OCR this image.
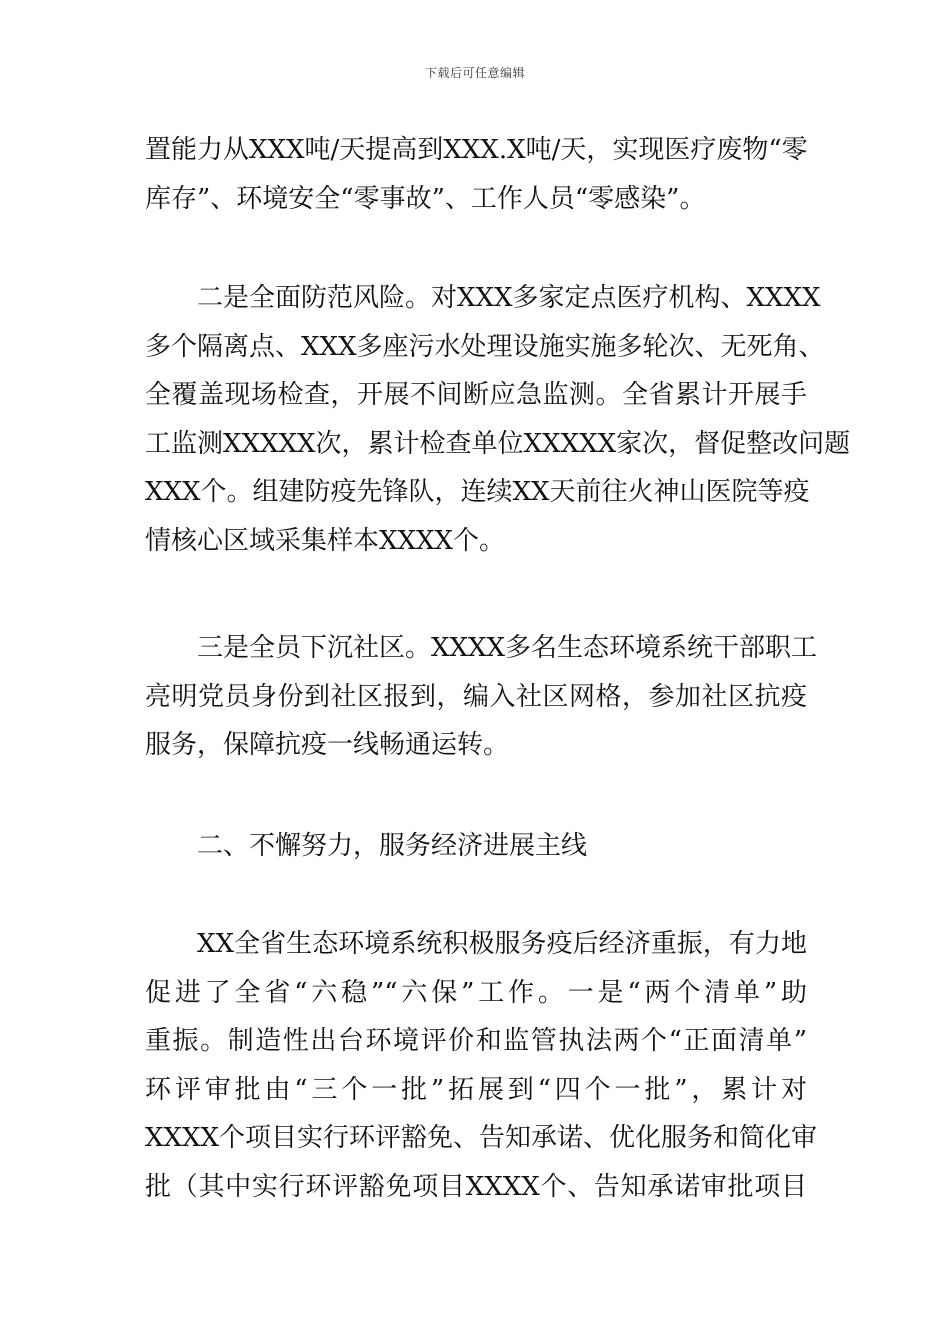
下载后可任意编辑
置能力从XXX吨/天提高到XXX.X吨/天，实现医疗废物“零
库存”、环境安全“零事故”、工作人员“零感染”。
二是全面防范风险。对XXX多家定点医疗机构、XXXX
多个隔离点、XXX多座污水处理设施实施多轮次、无死角、
全覆盖现场检查，开展不间断应急监测。全省累计开展手
工监测XXXXX次，累计检查单位XXXXX家次，督促整改问题
XXX个。组建防疫先锋队，连续XX天前往火神山医院等疫
情核心区域采集样本XXXX个。
三是全员下沉社区。XXXX多名生态环境系统干部职工
亮明党员身份到社区报到，编入社区网格，参加社区抗疫
服务，保障抗疫一线畅通运转。
二、不懈努力，服务经济进展主线
XX全省生态环境系统积极服务疫后经济重振，有力地
促进了全省“六稳”“六保”工作。一是“两个清单”助
重振。制造性出台环境评价和监管执法两个“正面清单”
环评审批由“三个一批”拓展到“四个一批”，累计对
XXXX个项目实行环评豁免、告知承诺、优化服务和简化审
批（其中实行环评豁免项目XXXX个、告知承诺审批项目
